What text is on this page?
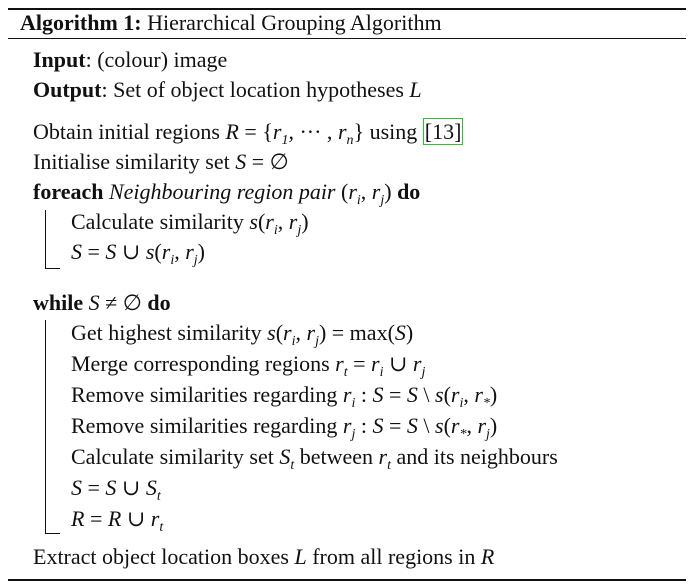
Algorithm 1: Hierarchical Grouping Algorithm
Input: (colour) image
Output: Set of object location hypotheses L
Obtain initial regions $R = \{r_1$, ··· , $r_n$} using [13]
Initialise similarity set S = ∅
foreach Neighbouring region pair ($r_i$, $r_j$) do
Calculate similarity $s(r_i$, $r_j$)
S = S ∪ $s(r_i$, $r_j$)
while S ≠ ∅ do
Get highest similarity $s(r_i$, $r_j) = \max(S)$
Merge corresponding regions $r_t = r_i$ ∪ $r_j$
Remove similarities regarding $r_i$ : S = S \ $s(r_i$, $r_*$)
Remove similarities regarding $r_j$ : S = S \ $s(r_*$, $r_j$)
Calculate similarity set $S_t$ between $r_t$ and its neighbours
S = S ∪ $S_t$
R = R ∪ $r_t$
Extract object location boxes L from all regions in R
